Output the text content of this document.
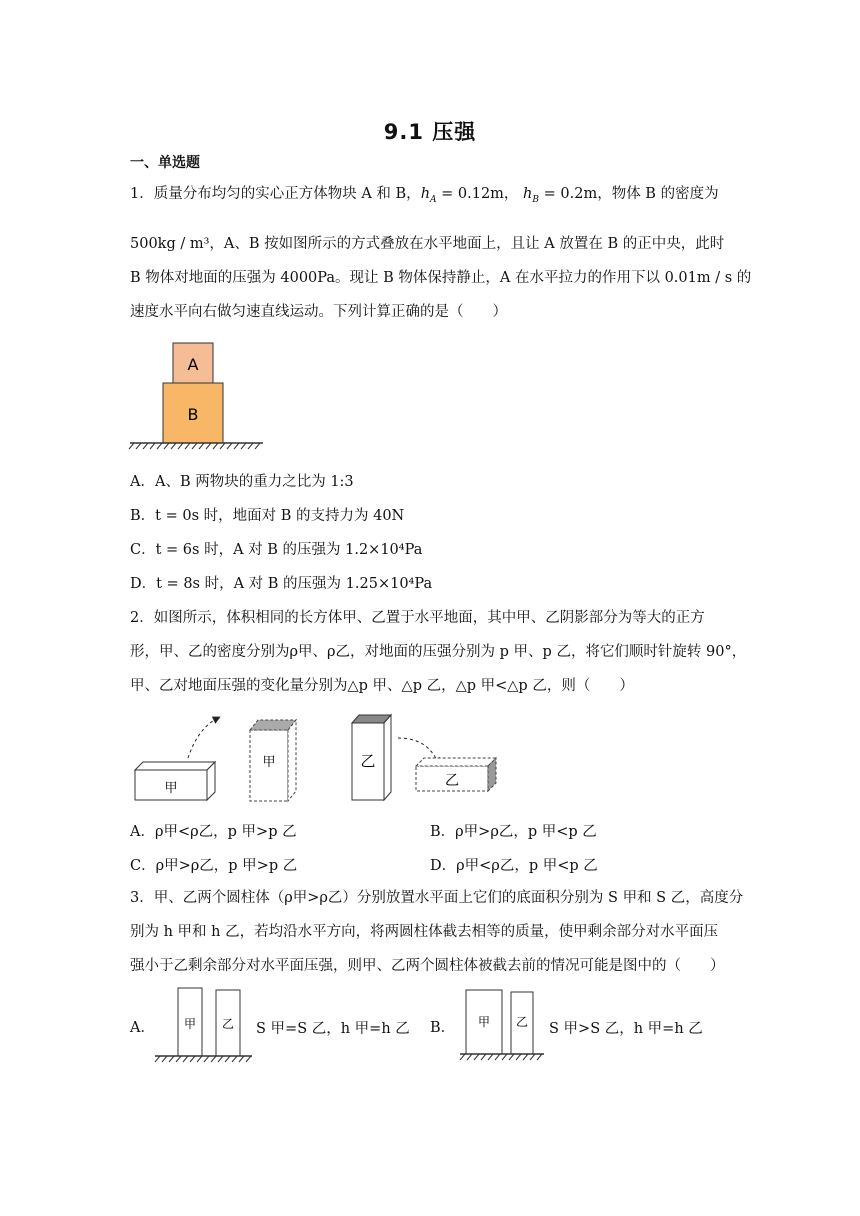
9.1 压强
一、单选题
1．质量分布均匀的实心正方体物块 A 和 B，$h_A = 0.12m$， $h_B = 0.2m$，物体 B 的密度为
500kg / m³，A、B 按如图所示的方式叠放在水平地面上，且让 A 放置在 B 的正中央，此时
B 物体对地面的压强为 4000Pa。现让 B 物体保持静止，A 在水平拉力的作用下以 0.01m / s 的
速度水平向右做匀速直线运动。下列计算正确的是（　　）
A
B
A．A、B 两物块的重力之比为 1:3
B．t = 0s 时，地面对 B 的支持力为 40N
C．t = 6s 时，A 对 B 的压强为 1.2×10⁴Pa
D．t = 8s 时，A 对 B 的压强为 1.25×10⁴Pa
2．如图所示，体积相同的长方体甲、乙置于水平地面，其中甲、乙阴影部分为等大的正方
形，甲、乙的密度分别为ρ甲、ρ乙，对地面的压强分别为 p 甲、p 乙，将它们顺时针旋转 90°，
甲、乙对地面压强的变化量分别为△p 甲、△p 乙，△p 甲<△p 乙，则（　　）
甲
甲	乙
乙
A．ρ甲<ρ乙，p 甲>p 乙	B．ρ甲>ρ乙，p 甲<p 乙
C．ρ甲>ρ乙，p 甲>p 乙	D．ρ甲<ρ乙，p 甲<p 乙
3．甲、乙两个圆柱体（ρ甲>ρ乙）分别放置水平面上它们的底面积分别为 S 甲和 S 乙，高度分
别为 h 甲和 h 乙，若均沿水平方向，将两圆柱体截去相等的质量，使甲剩余部分对水平面压
强小于乙剩余部分对水平面压强，则甲、乙两个圆柱体被截去前的情况可能是图中的（　　）
A． 甲 乙 S 甲=S 乙，h 甲=h 乙 B． 甲 乙 S 甲>S 乙，h 甲=h 乙
